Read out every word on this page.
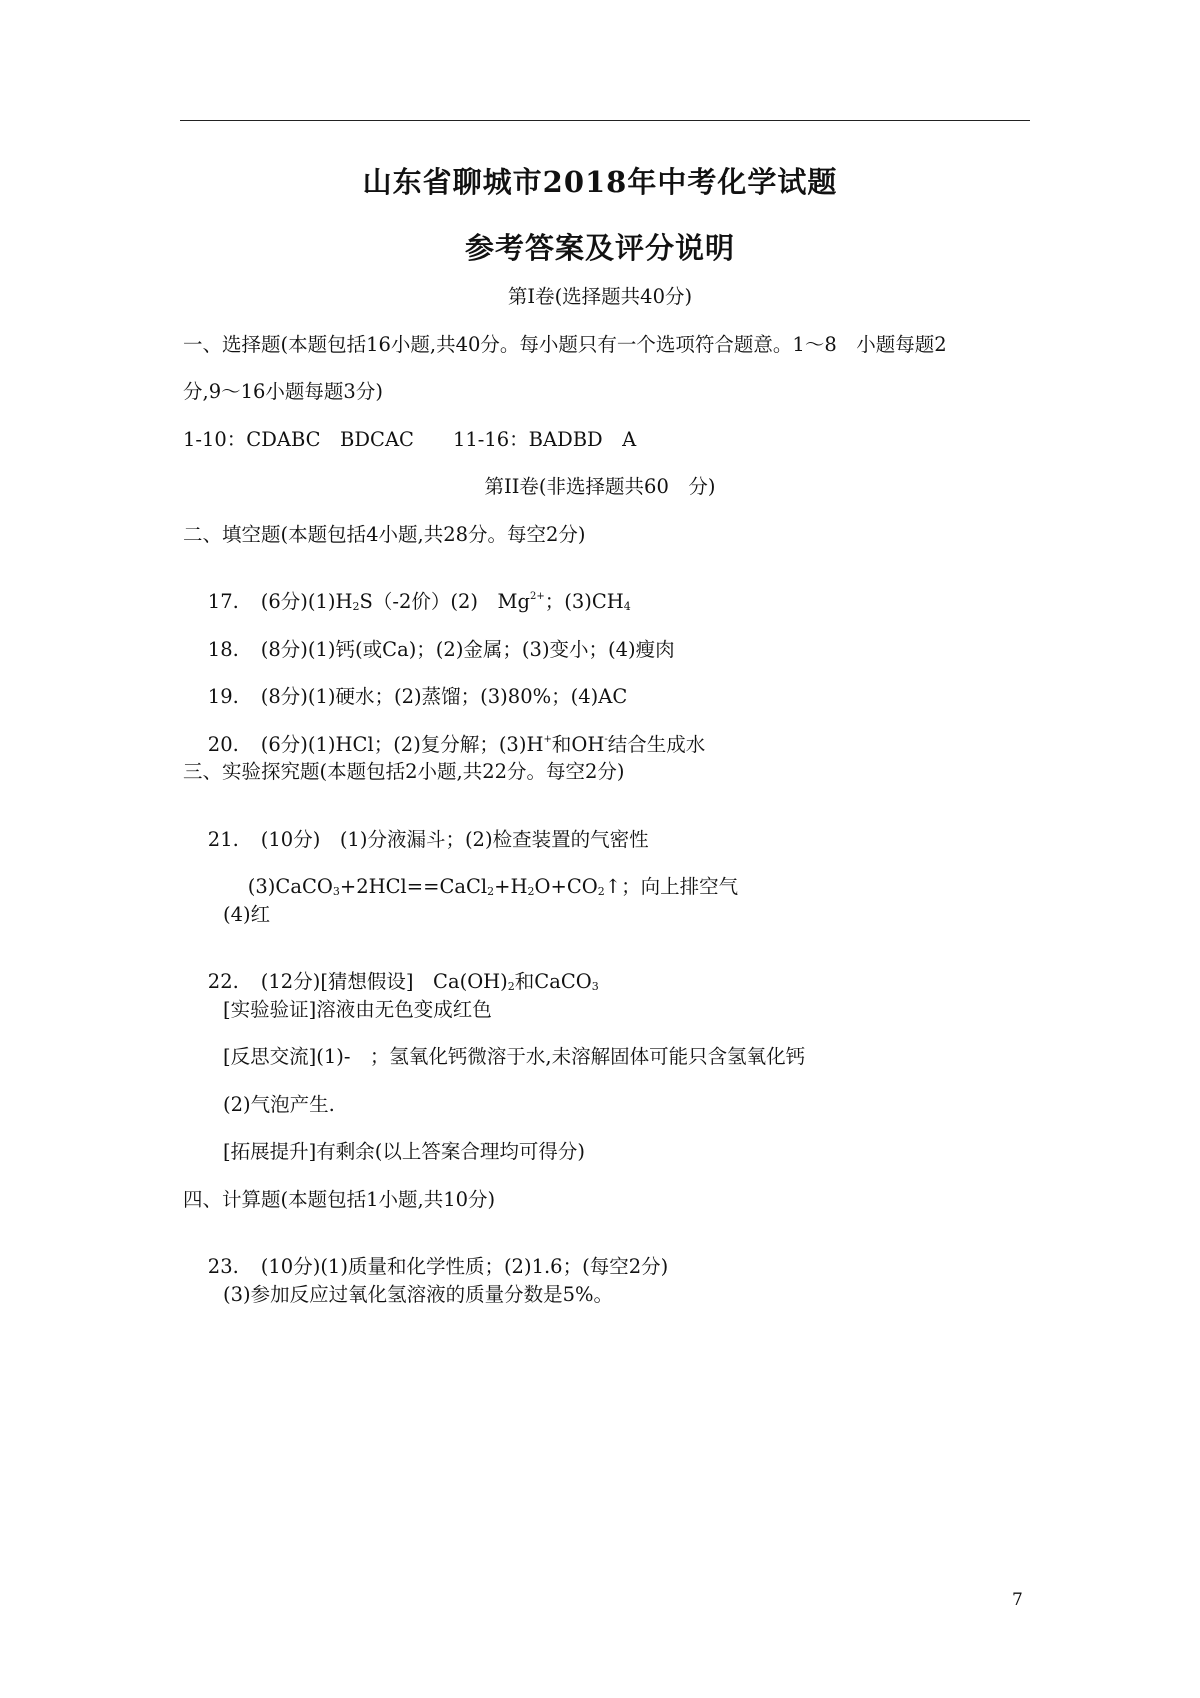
山东省聊城市2018年中考化学试题
参考答案及评分说明
第I卷(选择题共40分)
一、选择题(本题包括16小题,共40分。每小题只有一个选项符合题意。1～8　小题每题2
分,9～16小题每题3分)
1-10：CDABC　BDCAC　　11-16：BADBD　A
第II卷(非选择题共60　分)
二、填空题(本题包括4小题,共28分。每空2分)

17. (6分)$(1)H_2S(-2$价）(2)　$Mg^{2+}$；$(3)CH_4$

18. (8分)(1)钙(或Ca)；(2)金属；(3)变小；(4)瘦肉

19. (8分)(1)硬水；(2)蒸馏；(3)80%；(4)AC

20. (6分)(1)HCl；(2)复分解；(3)H+和OH-结合生成水

三、实验探究题(本题包括2小题,共22分。每空2分)

21. (10分)　(1)分液漏斗；(2)检查装置的气密性

$(3)CaCO_3+2HCl==CaCl_2+H_2O+CO_2↑$；向上排空气

(4)红

22. (12分)[猜想假设]　$Ca(OH)_2$和CaCO$_3$

[实验验证]溶液由无色变成红色
[反思交流](1)-　；氢氧化钙微溶于水,未溶解固体可能只含氢氧化钙
(2)气泡产生.
[拓展提升]有剩余(以上答案合理均可得分)
四、计算题(本题包括1小题,共10分)

23. (10分)(1)质量和化学性质；(2)1.6；(每空2分)

(3)参加反应过氧化氢溶液的质量分数是5%。
7
